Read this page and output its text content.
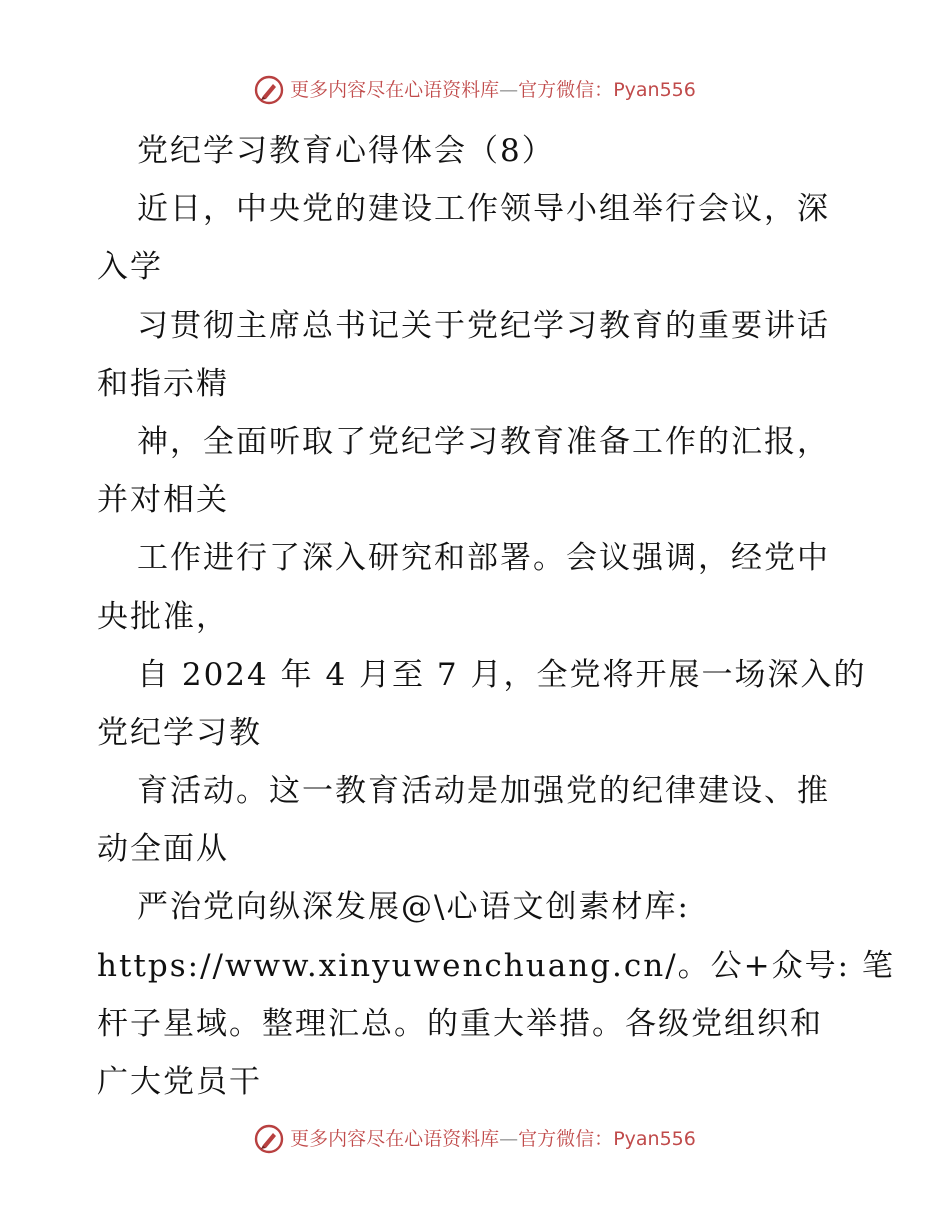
更多内容尽在心语资料库 — 官方微信： Pyan556

党纪学习教育心得体会（8）

近日，中央党的建设工作领导小组举行会议，深

入学

习贯彻主席总书记关于党纪学习教育的重要讲话

和指示精

神，全面听取了党纪学习教育准备工作的汇报，

并对相关

工作进行了深入研究和部署。会议强调，经党中

央批准，

自 2024 年 4 月至 7 月，全党将开展一场深入的

党纪学习教

育活动。这一教育活动是加强党的纪律建设、推

动全面从

严治党向纵深发展@\心语文创素材库:

https://www.xinyuwenchuang.cn/。公+众号: 笔

杆子星域。整理汇总。的重大举措。各级党组织和

广大党员干

更多内容尽在心语资料库 — 官方微信： Pyan556
